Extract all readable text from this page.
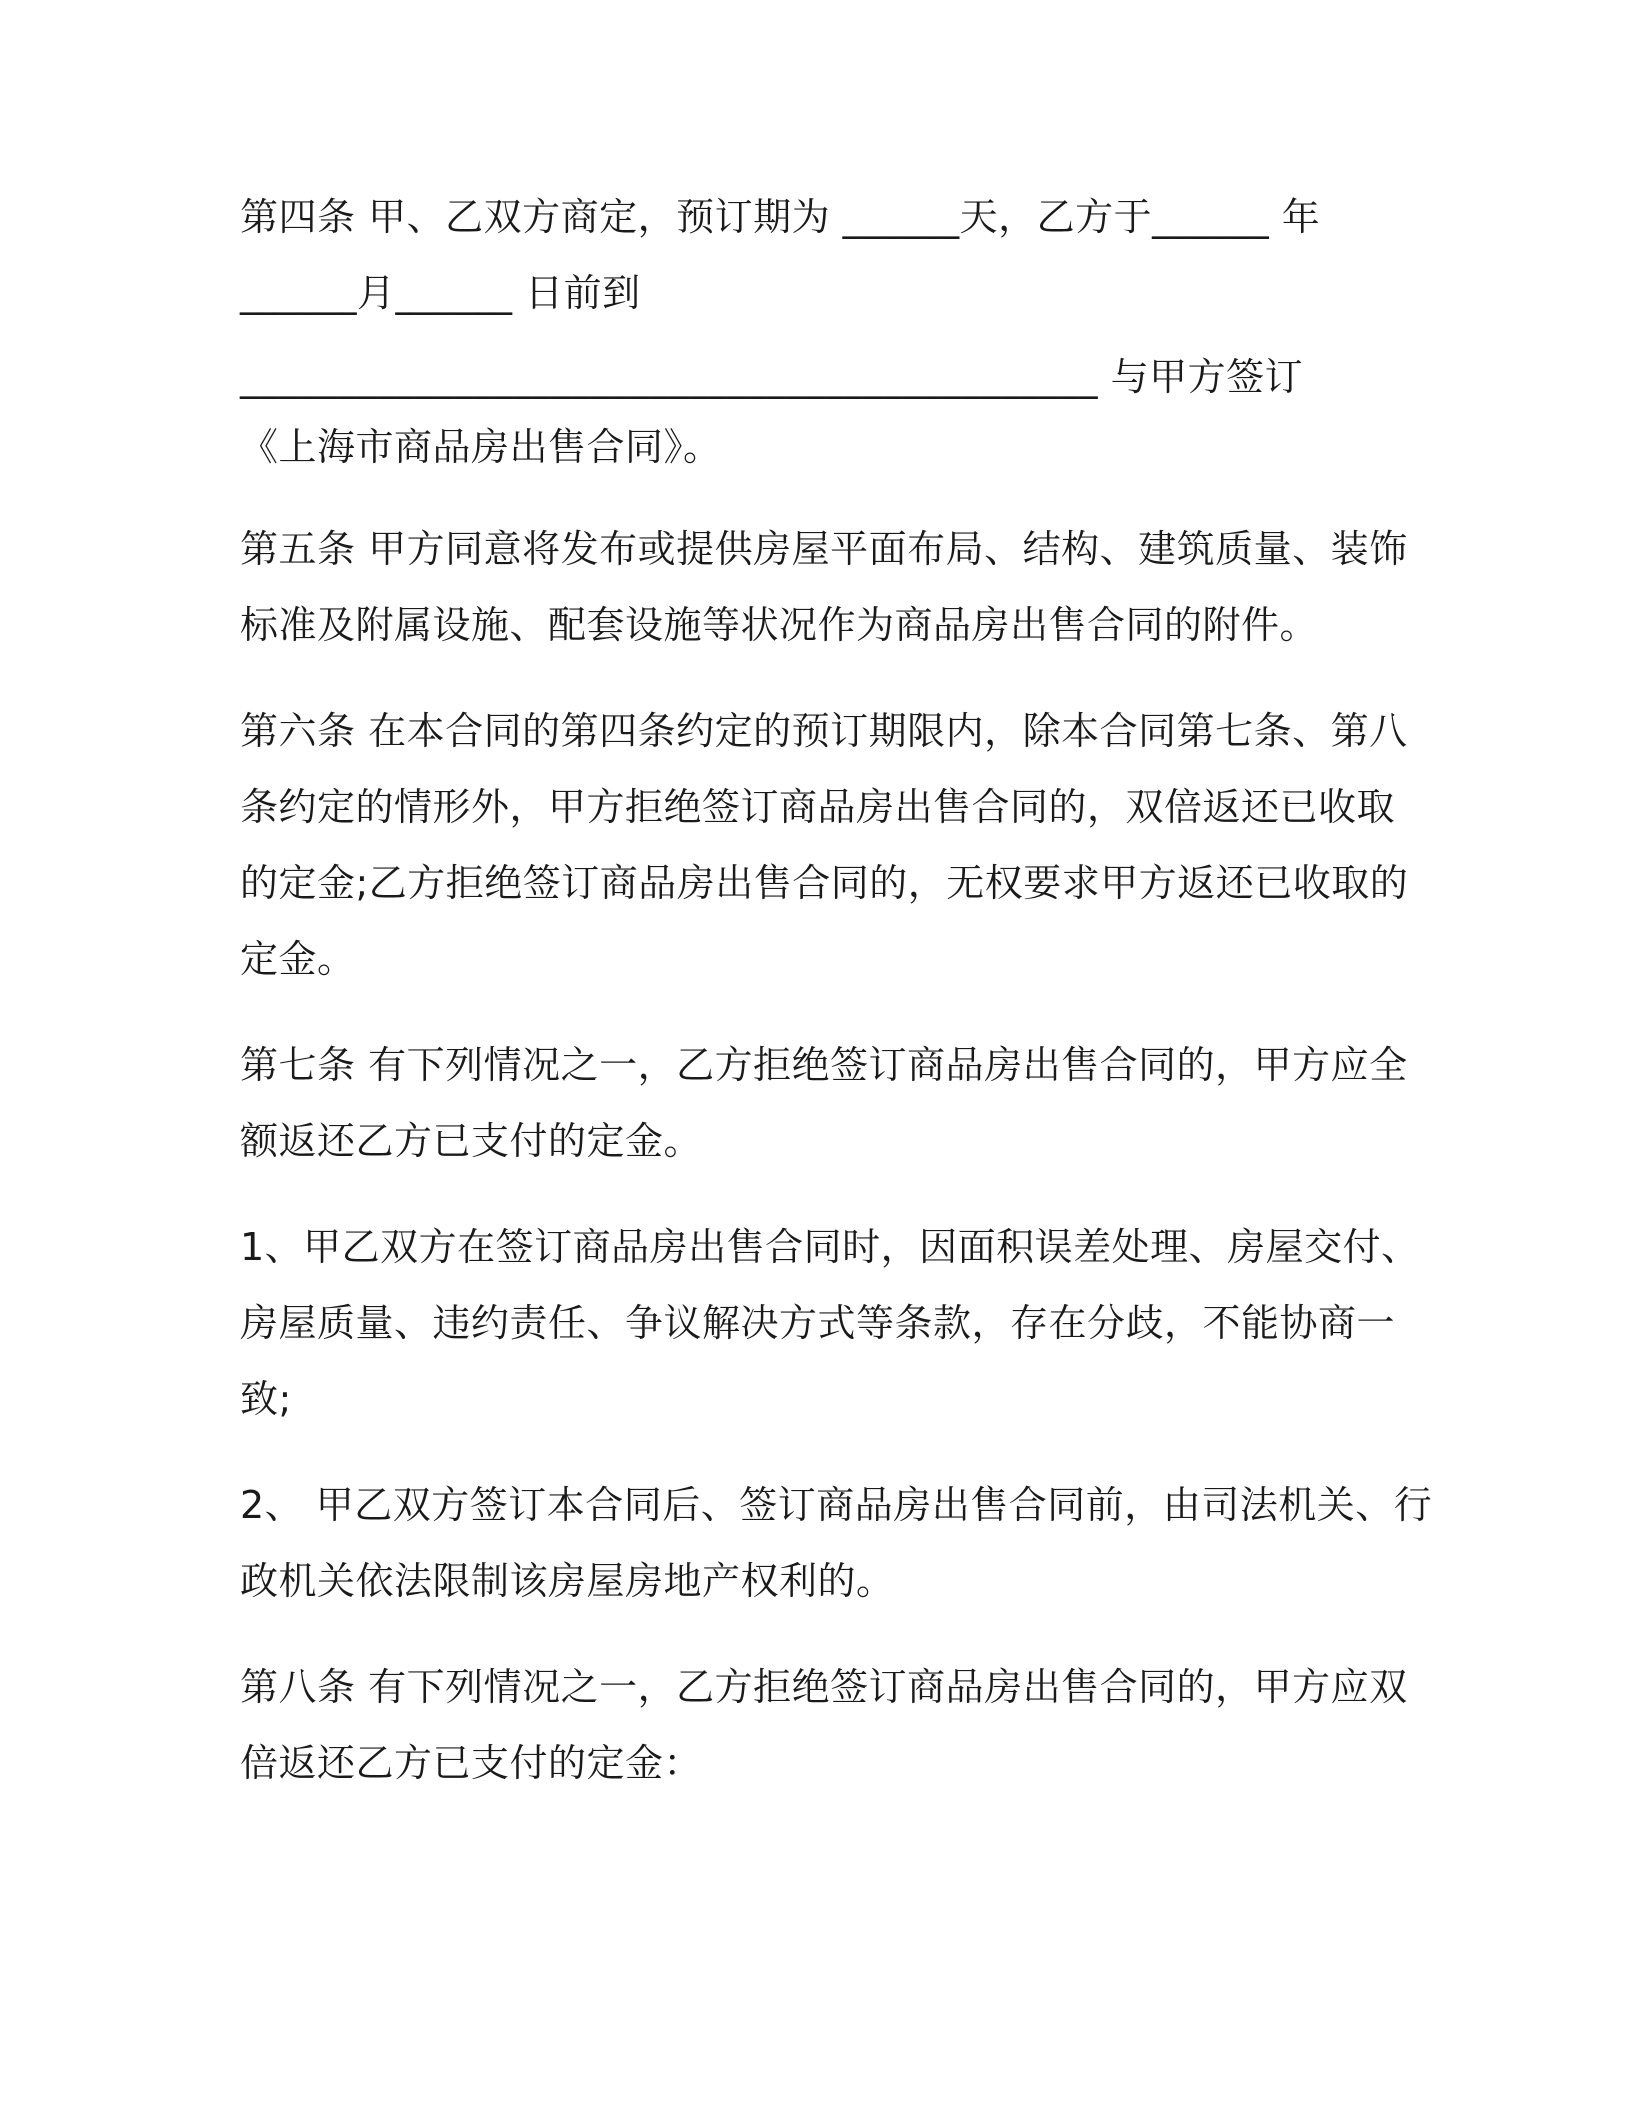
第四条 甲、乙双方商定，预订期为 ______天，乙方于______ 年

______月______ 日前到

____________________________________________ 与甲方签订

《上海市商品房出售合同》。

第五条 甲方同意将发布或提供房屋平面布局、结构、建筑质量、装饰

标准及附属设施、配套设施等状况作为商品房出售合同的附件。

第六条 在本合同的第四条约定的预订期限内，除本合同第七条、第八

条约定的情形外，甲方拒绝签订商品房出售合同的，双倍返还已收取

的定金;乙方拒绝签订商品房出售合同的，无权要求甲方返还已收取的

定金。

第七条 有下列情况之一，乙方拒绝签订商品房出售合同的，甲方应全

额返还乙方已支付的定金。

1、甲乙双方在签订商品房出售合同时，因面积误差处理、房屋交付、

房屋质量、违约责任、争议解决方式等条款，存在分歧，不能协商一

致;

2、 甲乙双方签订本合同后、签订商品房出售合同前，由司法机关、行

政机关依法限制该房屋房地产权利的。

第八条 有下列情况之一，乙方拒绝签订商品房出售合同的，甲方应双

倍返还乙方已支付的定金：
